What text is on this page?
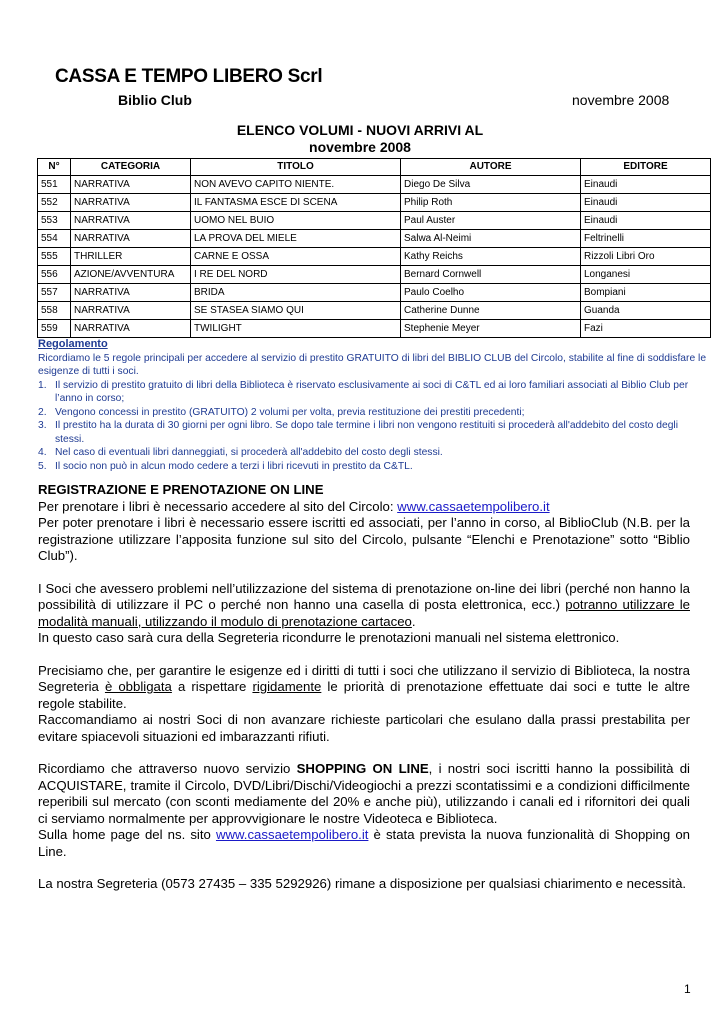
CASSA E TEMPO LIBERO Scrl
Biblio Club	novembre 2008
ELENCO VOLUMI - NUOVI ARRIVI AL
novembre 2008
N°	CATEGORIA	TITOLO	AUTORE	EDITORE
551	NARRATIVA	NON AVEVO CAPITO NIENTE.	Diego De Silva	Einaudi
552	NARRATIVA	IL FANTASMA ESCE DI SCENA	Philip Roth	Einaudi
553	NARRATIVA	UOMO NEL BUIO	Paul Auster	Einaudi
554	NARRATIVA	LA PROVA DEL MIELE	Salwa Al-Neimi	Feltrinelli
555	THRILLER	CARNE E OSSA	Kathy Reichs	Rizzoli Libri Oro
556	AZIONE/AVVENTURA	I RE DEL NORD	Bernard Cornwell	Longanesi
557	NARRATIVA	BRIDA	Paulo Coelho	Bompiani
558	NARRATIVA	SE STASEA SIAMO QUI	Catherine Dunne	Guanda
559	NARRATIVA	TWILIGHT	Stephenie Meyer	Fazi
Regolamento
Ricordiamo le 5 regole principali per accedere al servizio di prestito GRATUITO di libri del BIBLIO CLUB del Circolo, stabilite al fine di soddisfare le esigenze di tutti i soci.
1. Il servizio di prestito gratuito di libri della Biblioteca è riservato esclusivamente ai soci di C&TL ed ai loro familiari associati al Biblio Club per l’anno in corso;
2. Vengono concessi in prestito (GRATUITO) 2 volumi per volta, previa restituzione dei prestiti precedenti;
3. Il prestito ha la durata di 30 giorni per ogni libro. Se dopo tale termine i libri non vengono restituiti si procederà all'addebito del costo degli stessi.
4. Nel caso di eventuali libri danneggiati, si procederà all'addebito del costo degli stessi.
5. Il socio non può in alcun modo cedere a terzi i libri ricevuti in prestito da C&TL.
REGISTRAZIONE E PRENOTAZIONE ON LINE
Per prenotare i libri è necessario accedere al sito del Circolo: www.cassaetempolibero.it

Per poter prenotare i libri è necessario essere iscritti ed associati, per l’anno in corso, al BiblioClub (N.B. per la registrazione utilizzare l’apposita funzione sul sito del Circolo, pulsante “Elenchi e Prenotazione” sotto “Biblio Club”).

I Soci che avessero problemi nell’utilizzazione del sistema di prenotazione on-line dei libri (perché non hanno la possibilità di utilizzare il PC o perché non hanno una casella di posta elettronica, ecc.) potranno utilizzare le modalità manuali, utilizzando il modulo di prenotazione cartaceo.
In questo caso sarà cura della Segreteria ricondurre le prenotazioni manuali nel sistema elettronico.

Precisiamo che, per garantire le esigenze ed i diritti di tutti i soci che utilizzano il servizio di Biblioteca, la nostra Segreteria è obbligata a rispettare rigidamente le priorità di prenotazione effettuate dai soci e tutte le altre regole stabilite.
Raccomandiamo ai nostri Soci di non avanzare richieste particolari che esulano dalla prassi prestabilita per evitare spiacevoli situazioni ed imbarazzanti rifiuti.

Ricordiamo che attraverso nuovo servizio SHOPPING ON LINE, i nostri soci iscritti hanno la possibilità di ACQUISTARE, tramite il Circolo, DVD/Libri/Dischi/Videogiochi a prezzi scontatissimi e a condizioni difficilmente reperibili sul mercato (con sconti mediamente del 20% e anche più), utilizzando i canali ed i rifornitori dei quali ci serviamo normalmente per approvvigionare le nostre Videoteca e Biblioteca.
Sulla home page del ns. sito www.cassaetempolibero.it è stata prevista la nuova funzionalità di Shopping on Line.

La nostra Segreteria (0573 27435 – 335 5292926) rimane a disposizione per qualsiasi chiarimento e necessità.

1
